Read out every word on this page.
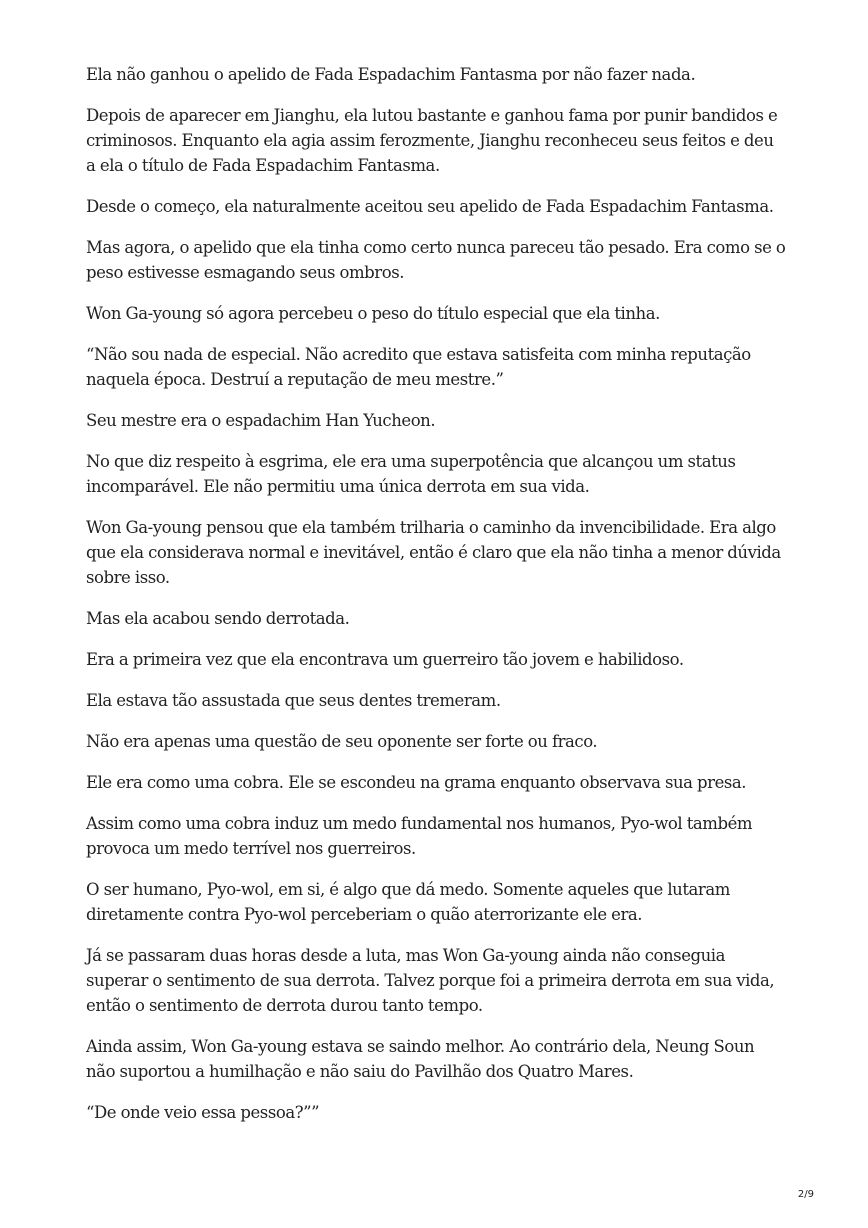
Ela não ganhou o apelido de Fada Espadachim Fantasma por não fazer nada.

Depois de aparecer em Jianghu, ela lutou bastante e ganhou fama por punir bandidos e criminosos. Enquanto ela agia assim ferozmente, Jianghu reconheceu seus feitos e deu a ela o título de Fada Espadachim Fantasma.

Desde o começo, ela naturalmente aceitou seu apelido de Fada Espadachim Fantasma.

Mas agora, o apelido que ela tinha como certo nunca pareceu tão pesado. Era como se o peso estivesse esmagando seus ombros.

Won Ga-young só agora percebeu o peso do título especial que ela tinha.

“Não sou nada de especial. Não acredito que estava satisfeita com minha reputação naquela época. Destruí a reputação de meu mestre.”

Seu mestre era o espadachim Han Yucheon.

No que diz respeito à esgrima, ele era uma superpotência que alcançou um status incomparável. Ele não permitiu uma única derrota em sua vida.

Won Ga-young pensou que ela também trilharia o caminho da invencibilidade. Era algo que ela considerava normal e inevitável, então é claro que ela não tinha a menor dúvida sobre isso.

Mas ela acabou sendo derrotada.

Era a primeira vez que ela encontrava um guerreiro tão jovem e habilidoso.

Ela estava tão assustada que seus dentes tremeram.

Não era apenas uma questão de seu oponente ser forte ou fraco.

Ele era como uma cobra. Ele se escondeu na grama enquanto observava sua presa.

Assim como uma cobra induz um medo fundamental nos humanos, Pyo-wol também provoca um medo terrível nos guerreiros.

O ser humano, Pyo-wol, em si, é algo que dá medo. Somente aqueles que lutaram diretamente contra Pyo-wol perceberiam o quão aterrorizante ele era.

Já se passaram duas horas desde a luta, mas Won Ga-young ainda não conseguia superar o sentimento de sua derrota. Talvez porque foi a primeira derrota em sua vida, então o sentimento de derrota durou tanto tempo.

Ainda assim, Won Ga-young estava se saindo melhor. Ao contrário dela, Neung Soun não suportou a humilhação e não saiu do Pavilhão dos Quatro Mares.

“De onde veio essa pessoa?””

2/9
